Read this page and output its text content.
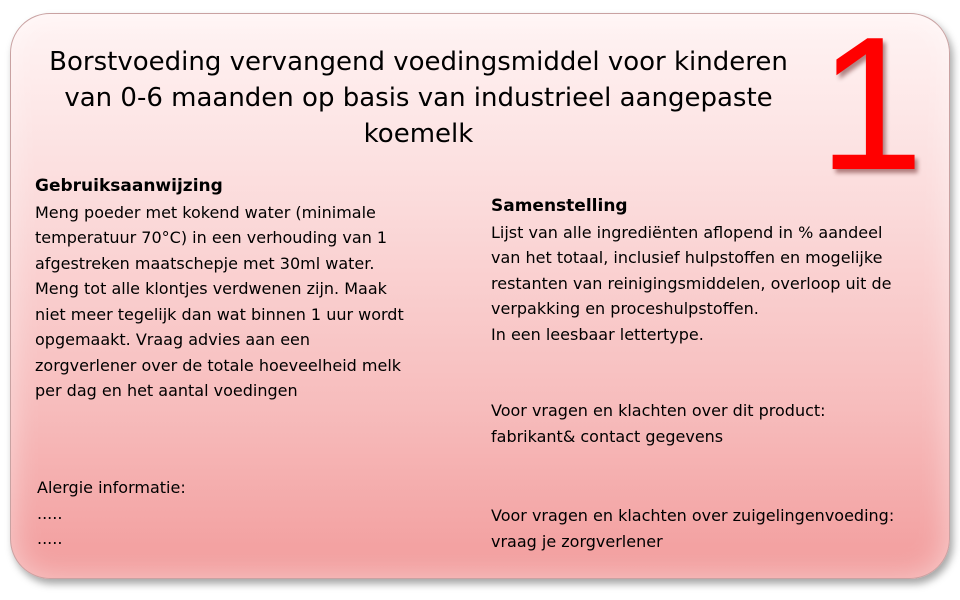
Borstvoeding vervangend voedingsmiddel voor kinderen
van 0-6 maanden op basis van industrieel aangepaste
koemelk	1
Gebruiksaanwijzing
Meng poeder met kokend water (minimale
temperatuur 70°C) in een verhouding van 1
afgestreken maatschepje met 30ml water.
Meng tot alle klontjes verdwenen zijn. Maak
niet meer tegelijk dan wat binnen 1 uur wordt
opgemaakt. Vraag advies aan een
zorgverlener over de totale hoeveelheid melk
per dag en het aantal voedingen
Alergie informatie:
.....
.....
Samenstelling
Lijst van alle ingrediënten aflopend in % aandeel
van het totaal, inclusief hulpstoffen en mogelijke
restanten van reinigingsmiddelen, overloop uit de
verpakking en proceshulpstoffen.
In een leesbaar lettertype.
Voor vragen en klachten over dit product:
fabrikant& contact gegevens
Voor vragen en klachten over zuigelingenvoeding:
vraag je zorgverlener
